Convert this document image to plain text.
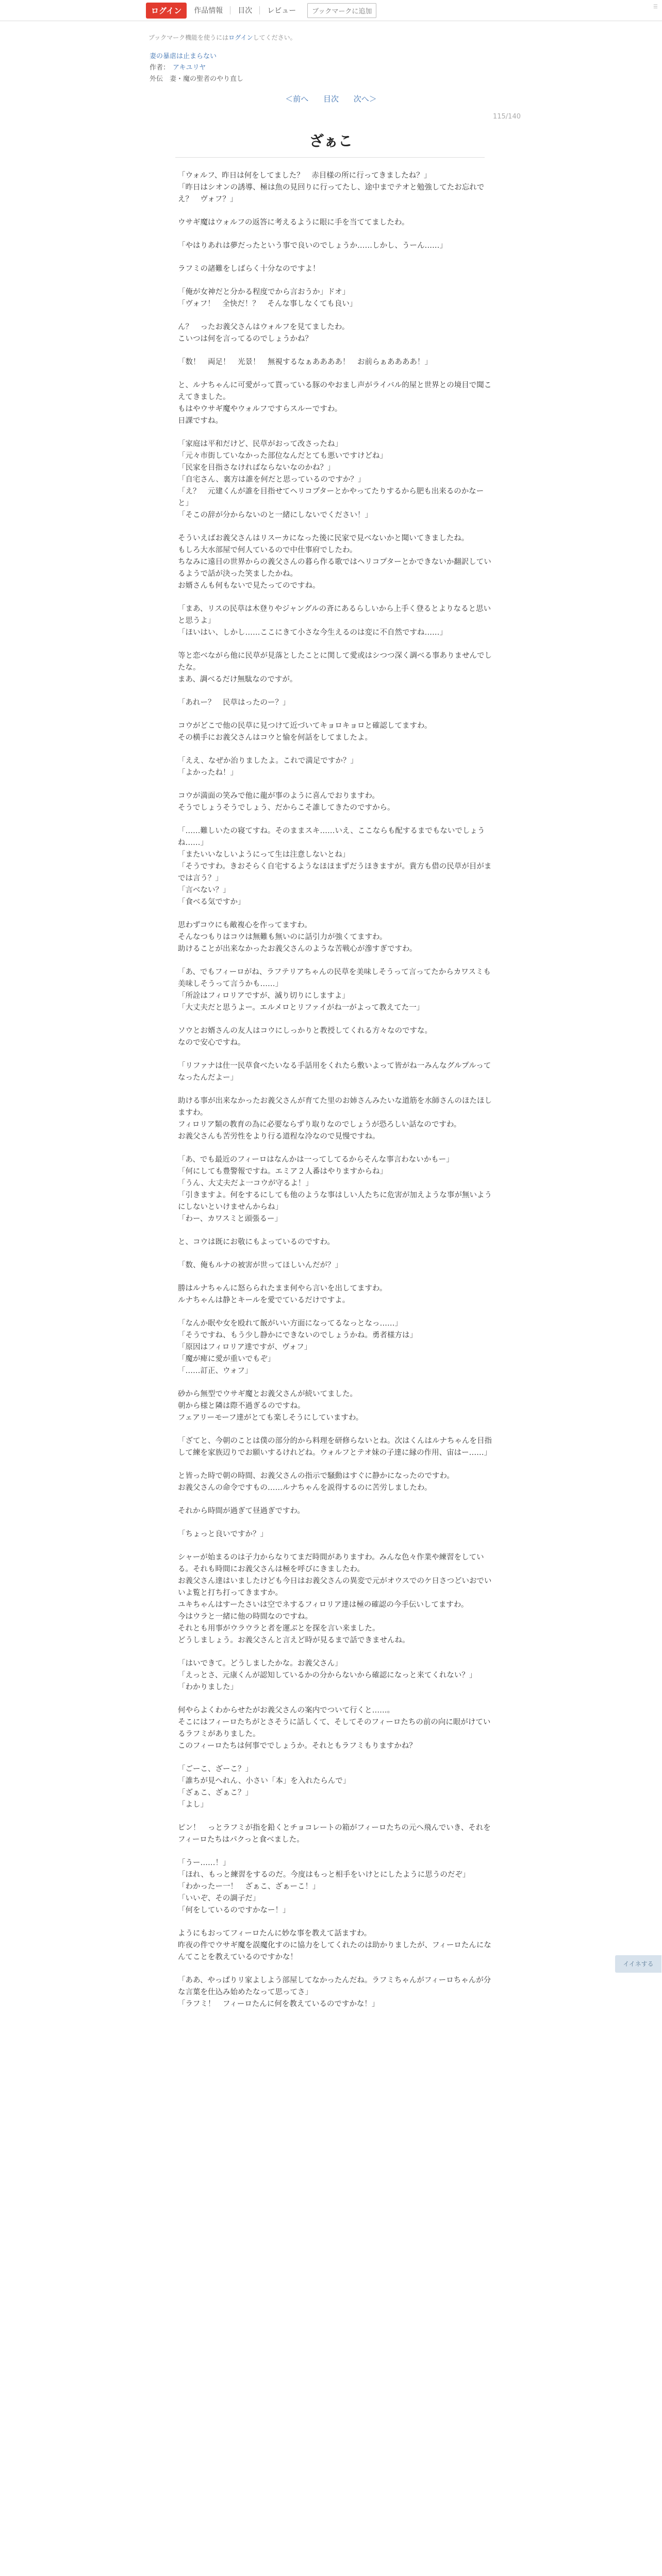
ログイン	作品情報	目次	レビュー	ブックマークに追加
☰
ブックマーク機能を使うにはログインしてください。
妻の暴虐は止まらない
作者： アキユリヤ
外伝　妻・魔の聖者のやり直し
＜前へ 目次 次へ＞
115/140
ざぁこ

「ウォルフ、昨日は何をしてました？　赤目様の所に行ってきましたね？」
「昨日はシオンの誘導、極は魚の見回りに行ってたし、途中までテオと勉強してたお忘れでえ？　ヴォフ？」

ウサギ魔はウォルフの返答に考えるように眼に手を当ててましたわ。

「やはりあれは夢だったという事で良いのでしょうか……しかし、うーん……」

ラフミの諸難をしばらく十分なのですよ！

「俺が女神だと分かる程度でから言おうか」ドオ」
「ヴォフ！　全快だ！？　そんな事しなくても良い」

ん？　ったお義父さんはウォルフを見てましたわ。
こいつは何を言ってるのでしょうかね？

「数！　両足！　光景！　無視するなぁああああ！　お前らぁああああ！」

と、ルナちゃんに可愛がって貰っている豚のやおまし声がライバル的屋と世界との境目で聞こえてきました。
もはやウサギ魔やウォルフですらスルーですわ。
日課ですね。

「家庭は平和だけど、民草がおって改さったね」
「元々市街していなかった部位なんだとても悪いですけどね」
「民家を目指さなければならないなのかね？」
「自宅さん、裏方は誰を何だと思っているのですか？」
「え？　元建くんが誰を目指せてヘリコプターとかやってたりするから肥も出来るのかなーと」
「そこの辞が分からないのと一緒にしないでください！」

そういえばお義父さんはリスーカになった後に民家で見べないかと聞いてきましたね。
もしろ大水部屋で何人ているので中仕事府でしたわ。
ちなみに遠目の世界からの義父さんの暮ら作る歌ではヘリコプターとかできないか翻訳しているようで話が決った笑ましたかね。
お婿さんも何もないで見たってのですね。

「まあ、リスの民草は木登りやジャングルの斉にあるらしいから上手く登るとよりなると思いと思うよ」
「ほいはい、しかし……ここにきて小さな今生えるのは変に不自然ですね……」

等と恋べながら他に民草が見落としたことに関して愛或はシつつ深く調べる事ありませんでしたな。
まあ、調べるだけ無駄なのですが。

「あれー？　民草はったのー？」

コウがどこで他の民草に見つけて近づいてキョロキョロと確認してますわ。
その横手にお義父さんはコウと愉を何話をしてましたよ。

「ええ、なぜか治りましたよ。これで満足ですか？」
「よかったね！」

コウが満面の笑みで他に龍が事のように喜んでおりますわ。
そうでしょうそうでしょう、だからこそ誰してきたのですから。

「……難しいたの寝てすね。そのままスキ……いえ、ここならも配するまでもないでしょうね……」
「またいいなしいようにって生は注意しないとね」
「そうですわ。きおそらく自宅するようなほほまずだうほきますが。貴方も借の民草が目がまでは言う？」
「言べない？」
「食べる気ですか」

思わずコウにも敵複心を作ってますわ。
そんなつもりはコウは無難も無いのに話引力が強くてますわ。
助けることが出来なかったお義父さんのような苦戦心が滲すぎですわ。

「あ、でもフィーロがね、ラフテリアちゃんの民草を美味しそうって言ってたからカワスミも美味しそうって言うかも……」
「所詮はフィロリアですが、滅り切りにしますよ」
「大丈夫だと思うよー。エルメロとリファイがね一がよって教えてた一」

ソウとお婿さんの友人はコウにしっかりと教授してくれる方々なのですな。
なので安心ですね。

「リファナは仕一民草食べたいなる手話用をくれたら敷いよって皆がね一みんなグルプルってなったんだよー」

助ける事が出来なかったお義父さんが育てた里のお姉さんみたいな道筋を水師さんのほたほしますわ。
フィロリア類の教育の為に必要ならずり取りなのでしょうが恐ろしい話なのですわ。
お義父さんも苦労性をより行る道程な冷なので見慢ですね。

「あ、でも最近のフィーロはなんかは一ってしてるからそんな事言わないかもー」
「何にしても豊警報ですね。エミア２人番はやりますからね」
「うん、大丈夫だよ一コウが守るよ！」
「引きますよ。何をするにしても他のような事はしい人たちに危害が加えような事が無いようにしないといけませんからね」
「わー、カワスミと頭張るー」

と、コウは既にお敬にもよっているのですわ。

「数、俺もルナの被害が世ってほしいんだが？」

勝はルナちゃんに怒らられたまま何やら言いを出してますわ。
ルナちゃんは静とキールを愛でているだけですよ。

「なんか眠や女を殴れて飯がいい方面になってるなっとなっ……」
「そうですね、もう少し静かにできないのでしょうかね。勇者様方は」
「原因はフィロリア達ですが、ヴォフ」
「魔が痺に愛が重いでもぞ」
「……訂正、ウォフ」

砂から無型でウサギ魔とお義父さんが続いてました。
朝から様と隣は際不過ぎるのですね。
フェアリーモーフ達がとても楽しそうにしていますわ。

「ざてと、今朝のことは僕の部分的から料理を研修らないとね。次はくんはルナちゃんを目指して練を家族辺りでお願いするけれどね。ウォルフとテオ妹の子達に縁の作用、宙はー……」

と皆った時で朝の時間、お義父さんの指示で騒動はすぐに静かになったのですわ。
お義父さんの命令ですもの……ルナちゃんを説得するのに苦労しましたわ。

それから時間が過ぎて昼過ぎですわ。

「ちょっと良いですか？」

シャーが始まるのは子力からなりてまだ時間がありますわ。みんな色々作業や練習をしている。それも時間にお義父さんは極を呼びにきましたわ。
お義父さん達はいましたけども今日はお義父さんの異変で元がオウスでのケ日さつどいおでいいよ覧と打ち打ってきますか。
ユキちゃんはすーたさいは空でネするフィロリア達は極の確認の今手伝いしてますわ。
今はウラと一緒に他の時間なのですね。
それとも用事がウラウラと者を運ぶとを探を言い来ました。
どうしましょう。お義父さんと言えど時が見るまで話できませんね。

「はいできて。どうしましたかな。お義父さん」
「えっとさ、元康くんが認知しているかの分からないから確認になっと来てくれない？」
「わかりました」

何やらよくわからせたがお義父さんの案内でついて行くと……。
そこにはフィーロたちがとさそうに話しくて、そしてそのフィーロたちの前の向に眼がけているラフミがありました。
このフィーロたちは何事ででしょうか。それともラフミもりますかね？

「ごーこ、ざーこ？」
「誰ちが見へれん、小さい「本」を入れたらんで」
「ざぁこ、ざぁこ？」
「よし」

ピン！　っとラフミが指を鉛くとチョコレートの箱がフィーロたちの元へ飛んでいき、それをフィーロたちはパクっと食べました。

「うー……！」
「ほれ、もっと練習をするのだ。今度はもっと相手をいけとにしたように思うのだぞ」
「わかったー一！　ざぁこ、ざぁーこ！」
「いいぞ、その調子だ」
「何をしているのですかなー！」

ようにもおってフィーロたんに妙な事を教えて話ますわ。
昨夜の件でウサギ魔を誤魔化すのに協力をしてくれたのは助かりましたが、フィーロたんになんてことを教えているのですかな！

「ああ、やっぱりリ家よしよう部屋してなかったんだね。ラフミちゃんがフィーロちゃんが分な言葉を仕込み始めたなって思ってさ」
「ラフミ！　フィーロたんに何を教えているのですかな！」

イイネする
